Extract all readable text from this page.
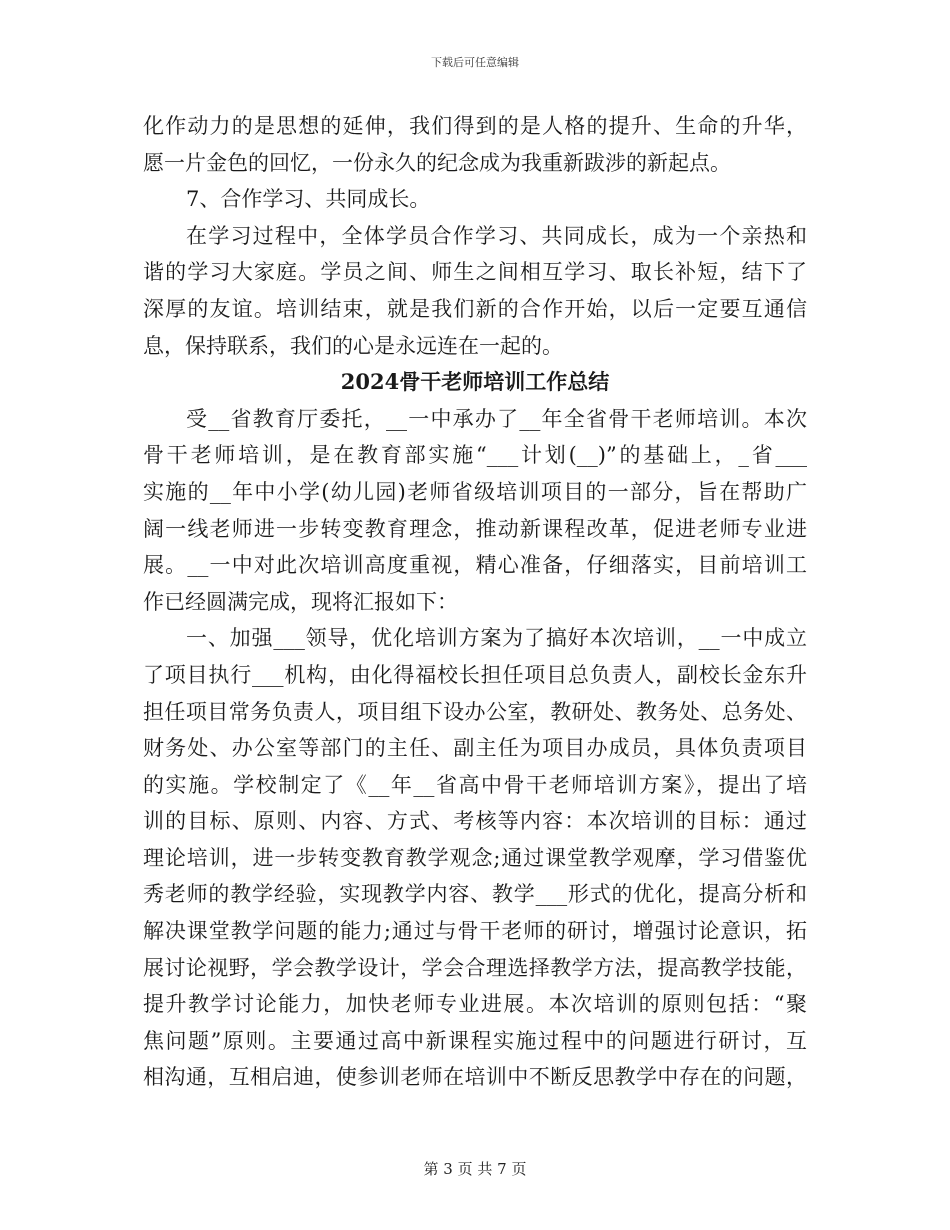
下载后可任意编辑
化作动力的是思想的延伸，我们得到的是人格的提升、生命的升华，
愿一片金色的回忆，一份永久的纪念成为我重新跋涉的新起点。
7、合作学习、共同成长。
在学习过程中，全体学员合作学习、共同成长，成为一个亲热和
谐的学习大家庭。学员之间、师生之间相互学习、取长补短，结下了
深厚的友谊。培训结束，就是我们新的合作开始，以后一定要互通信
息，保持联系，我们的心是永远连在一起的。
2024骨干老师培训工作总结
受__省教育厅委托，__一中承办了__年全省骨干老师培训。本次
骨干老师培训，是在教育部实施“___计划(__)”的基础上，_省___
实施的__年中小学(幼儿园)老师省级培训项目的一部分，旨在帮助广
阔一线老师进一步转变教育理念，推动新课程改革，促进老师专业进
展。__一中对此次培训高度重视，精心准备，仔细落实，目前培训工
作已经圆满完成，现将汇报如下：
一、加强___领导，优化培训方案为了搞好本次培训，__一中成立
了项目执行___机构，由化得福校长担任项目总负责人，副校长金东升
担任项目常务负责人，项目组下设办公室，教研处、教务处、总务处、
财务处、办公室等部门的主任、副主任为项目办成员，具体负责项目
的实施。学校制定了《__年__省高中骨干老师培训方案》，提出了培
训的目标、原则、内容、方式、考核等内容：本次培训的目标：通过
理论培训，进一步转变教育教学观念;通过课堂教学观摩，学习借鉴优
秀老师的教学经验，实现教学内容、教学___形式的优化，提高分析和
解决课堂教学问题的能力;通过与骨干老师的研讨，增强讨论意识，拓
展讨论视野，学会教学设计，学会合理选择教学方法，提高教学技能，
提升教学讨论能力，加快老师专业进展。本次培训的原则包括：“聚
焦问题”原则。主要通过高中新课程实施过程中的问题进行研讨，互
相沟通，互相启迪，使参训老师在培训中不断反思教学中存在的问题，
第 3 页 共 7 页
